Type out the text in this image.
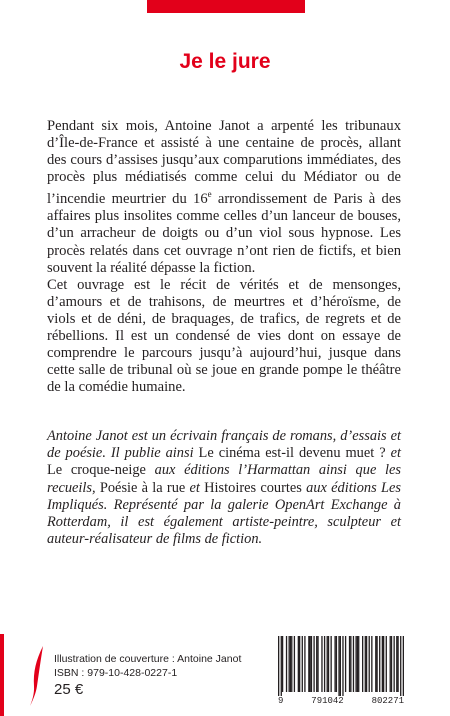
Je le jure

Pendant six mois, Antoine Janot a arpenté les tribunaux d’Île-de-France et assisté à une centaine de procès, allant des cours d’assises jusqu’aux comparutions immédiates, des procès plus médiatisés comme celui du Médiator ou de l’incendie meurtrier du 16e arrondissement de Paris à des affaires plus insolites comme celles d’un lanceur de bouses, d’un arracheur de doigts ou d’un viol sous hypnose. Les procès relatés dans cet ouvrage n’ont rien de fictifs, et bien souvent la réalité dépasse la fiction.

Cet ouvrage est le récit de vérités et de mensonges, d’amours et de trahisons, de meurtres et d’héroïsme, de viols et de déni, de braquages, de trafics, de regrets et de rébellions. Il est un condensé de vies dont on essaye de comprendre le parcours jusqu’à aujourd’hui, jusque dans cette salle de tribunal où se joue en grande pompe le théâtre de la comédie humaine.

Antoine Janot est un écrivain français de romans, d’essais et de poésie. Il publie ainsi Le cinéma est-il devenu muet ? et Le croque-neige aux éditions l’Harmattan ainsi que les recueils, Poésie à la rue et Histoires courtes aux éditions Les Impliqués. Représenté par la galerie OpenArt Exchange à Rotterdam, il est également artiste-peintre, sculpteur et auteur-réalisateur de films de fiction.
Illustration de couverture : Antoine Janot
ISBN : 979-10-428-0227-1
25 €
9	791042	802271
